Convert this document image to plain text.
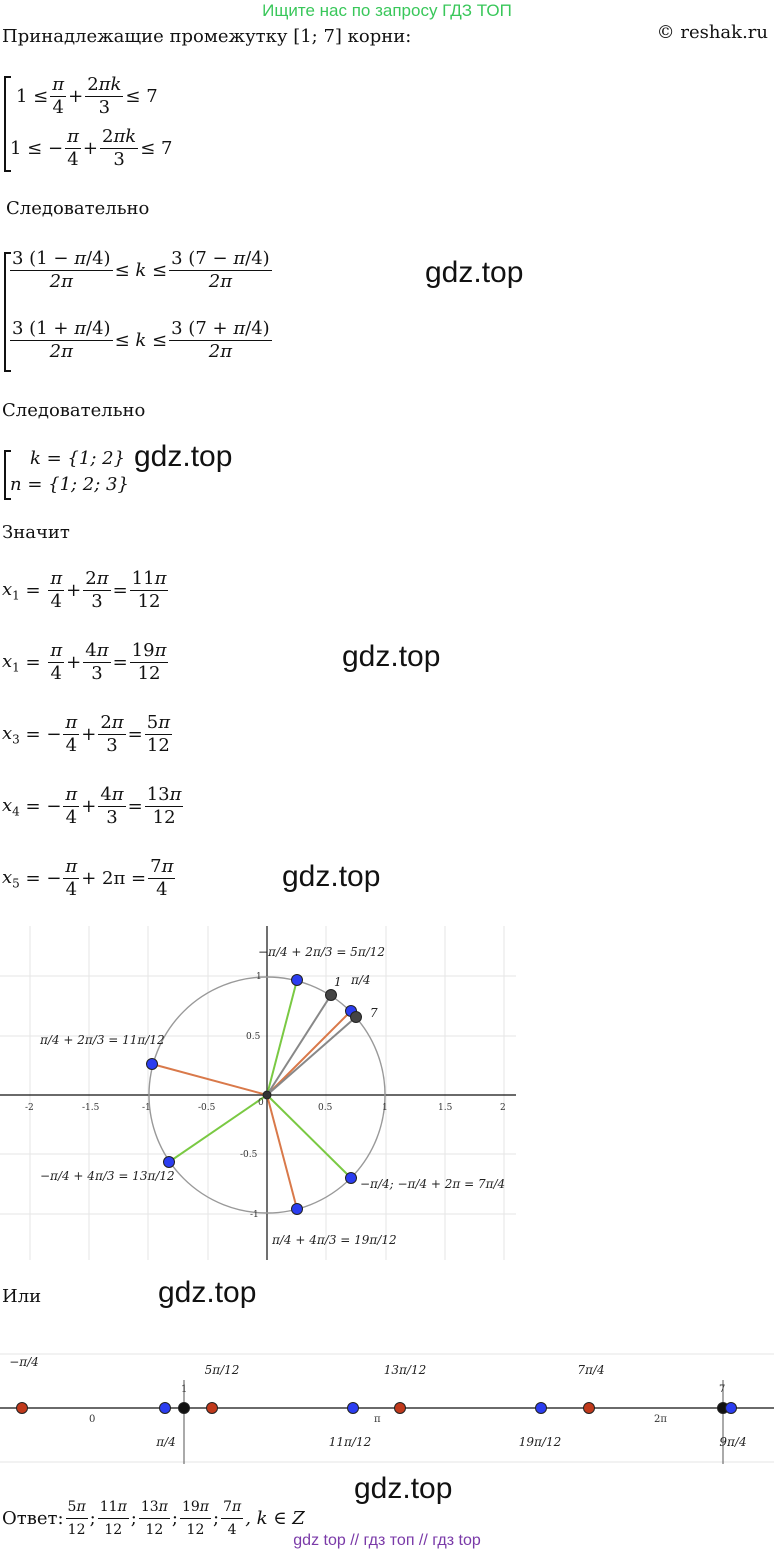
Ищите нас по запросу ГДЗ ТОП
© reshak.ru
Принадлежащие промежутку [1; 7] корни:
$1 \le \frac{\pi}{4} + \frac{2\pi k}{3} \le 7$
1 ≤ − $\frac{\pi}{4} + \frac{2\pi k}{3} \le 7$
Следовательно
$\frac{3 (1 - \pi/4)}{2\pi} \le k \le \frac{3 (7 - \pi/4)}{2\pi}$
$\frac{3 (1 + \pi/4)}{2\pi} \le k \le \frac{3 (7 + \pi/4)}{2\pi}$
gdz.top
Следовательно
k = {1; 2}
n = {1; 2; 3}
gdz.top
Значит
$x_1 = \frac{\pi}{4} + \frac{2\pi}{3} = \frac{11\pi}{12}$
$x_1 = \frac{\pi}{4} + \frac{4\pi}{3} = \frac{19\pi}{12}$	gdz.top
$x_3$ = − $\frac{\pi}{4} + \frac{2\pi}{3} = \frac{5\pi}{12}$
$x_4$ = − $\frac{\pi}{4} + \frac{4\pi}{3} = \frac{13\pi}{12}$
$x_5$ = − $\frac{\pi}{4} + 2\pi = \frac{7\pi}{4}$	gdz.top
-2	-1.5	-1	-0.5	0	0.5	1	1.5	2
1
0.5
-0.5
-1
−π/4 + 2π/3 = 5π/12
π/4 + 2π/3 = 11π/12
−π/4 + 4π/3 = 13π/12
−π/4; −π/4 + 2π = 7π/4
π/4 + 4π/3 = 19π/12
1 π/4
7
Или	gdz.top
0
1
π	2π
7
−π/4
π/4
5π/12
11π/12
13π/12
19π/12
7π/4
9π/4
gdz.top
Ответ: $\frac{5\pi}{12}$ ; $\frac{11\pi}{12}$ ; $\frac{13\pi}{12}$ ; $\frac{19\pi}{12}$ ; $\frac{7\pi}{4}$ , k ∈ Z
gdz top // гдз топ // гдз top
